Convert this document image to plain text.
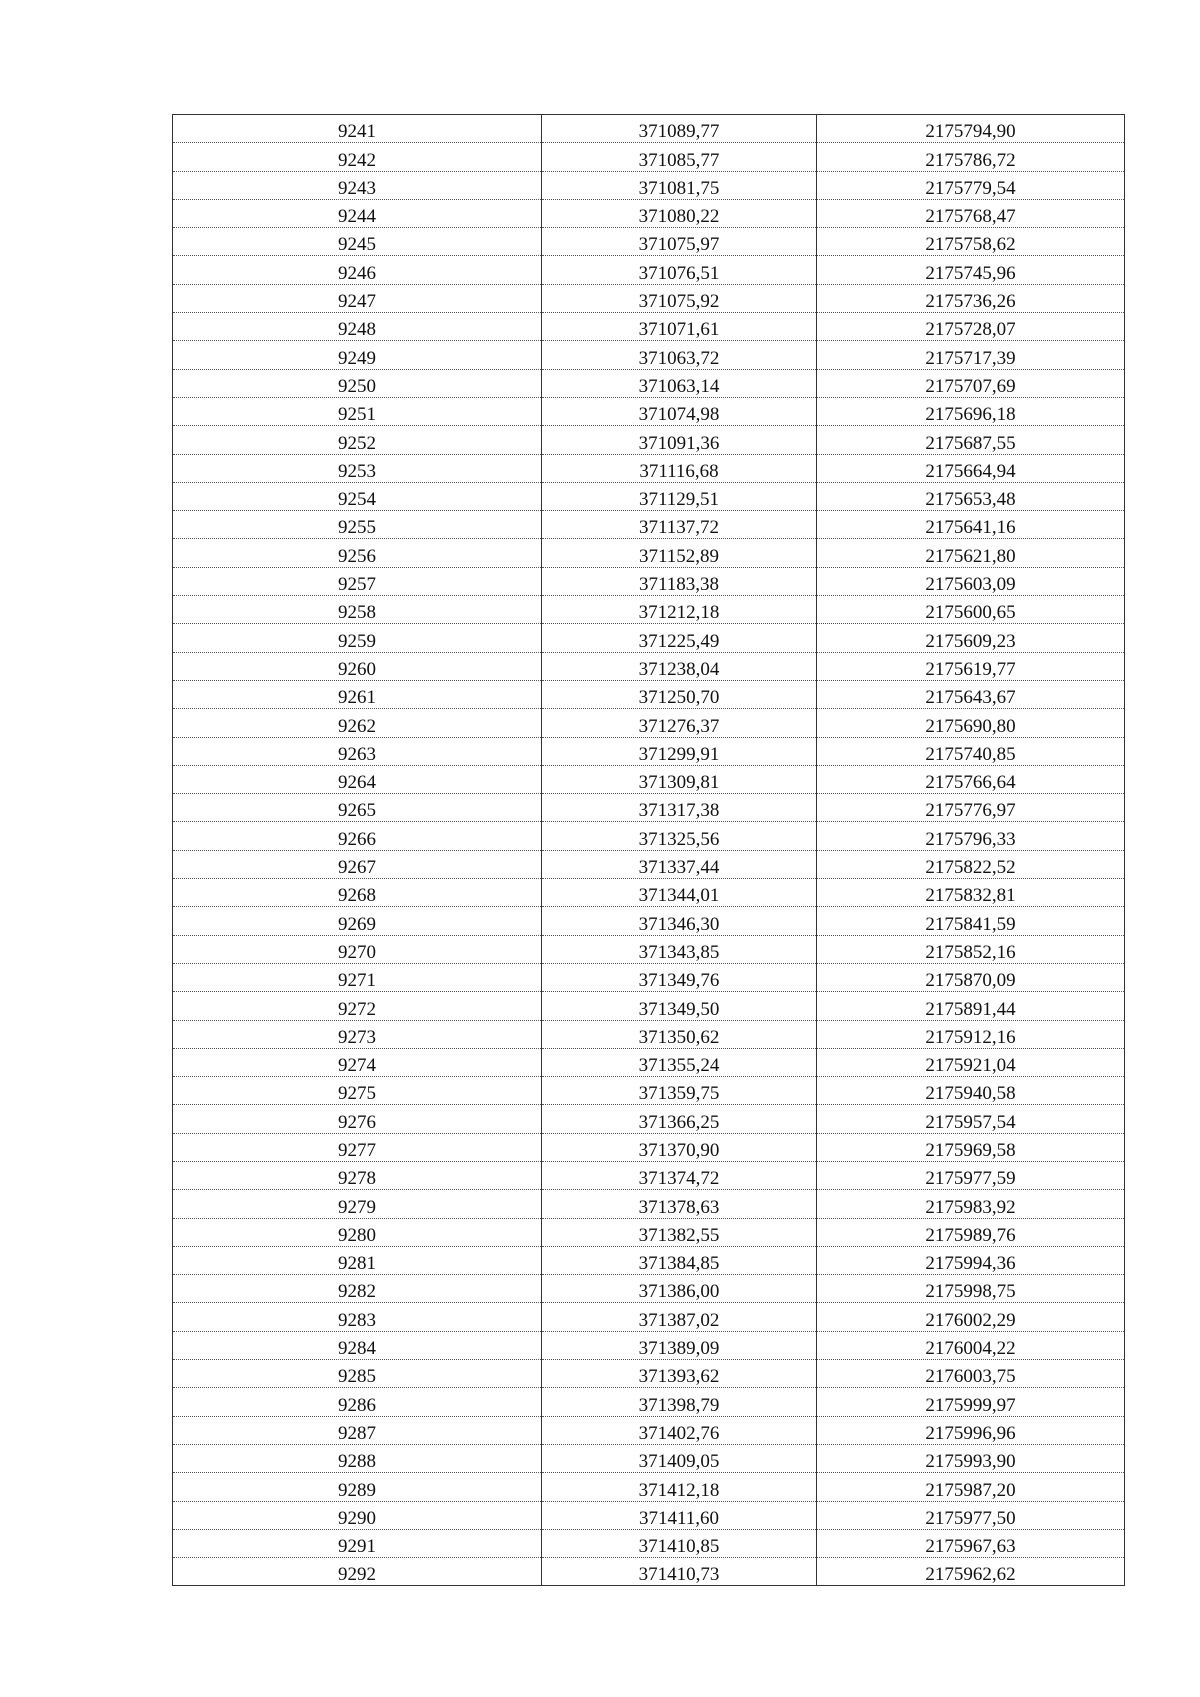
9241	371089,77	2175794,90
9242	371085,77	2175786,72
9243	371081,75	2175779,54
9244	371080,22	2175768,47
9245	371075,97	2175758,62
9246	371076,51	2175745,96
9247	371075,92	2175736,26
9248	371071,61	2175728,07
9249	371063,72	2175717,39
9250	371063,14	2175707,69
9251	371074,98	2175696,18
9252	371091,36	2175687,55
9253	371116,68	2175664,94
9254	371129,51	2175653,48
9255	371137,72	2175641,16
9256	371152,89	2175621,80
9257	371183,38	2175603,09
9258	371212,18	2175600,65
9259	371225,49	2175609,23
9260	371238,04	2175619,77
9261	371250,70	2175643,67
9262	371276,37	2175690,80
9263	371299,91	2175740,85
9264	371309,81	2175766,64
9265	371317,38	2175776,97
9266	371325,56	2175796,33
9267	371337,44	2175822,52
9268	371344,01	2175832,81
9269	371346,30	2175841,59
9270	371343,85	2175852,16
9271	371349,76	2175870,09
9272	371349,50	2175891,44
9273	371350,62	2175912,16
9274	371355,24	2175921,04
9275	371359,75	2175940,58
9276	371366,25	2175957,54
9277	371370,90	2175969,58
9278	371374,72	2175977,59
9279	371378,63	2175983,92
9280	371382,55	2175989,76
9281	371384,85	2175994,36
9282	371386,00	2175998,75
9283	371387,02	2176002,29
9284	371389,09	2176004,22
9285	371393,62	2176003,75
9286	371398,79	2175999,97
9287	371402,76	2175996,96
9288	371409,05	2175993,90
9289	371412,18	2175987,20
9290	371411,60	2175977,50
9291	371410,85	2175967,63
9292	371410,73	2175962,62
